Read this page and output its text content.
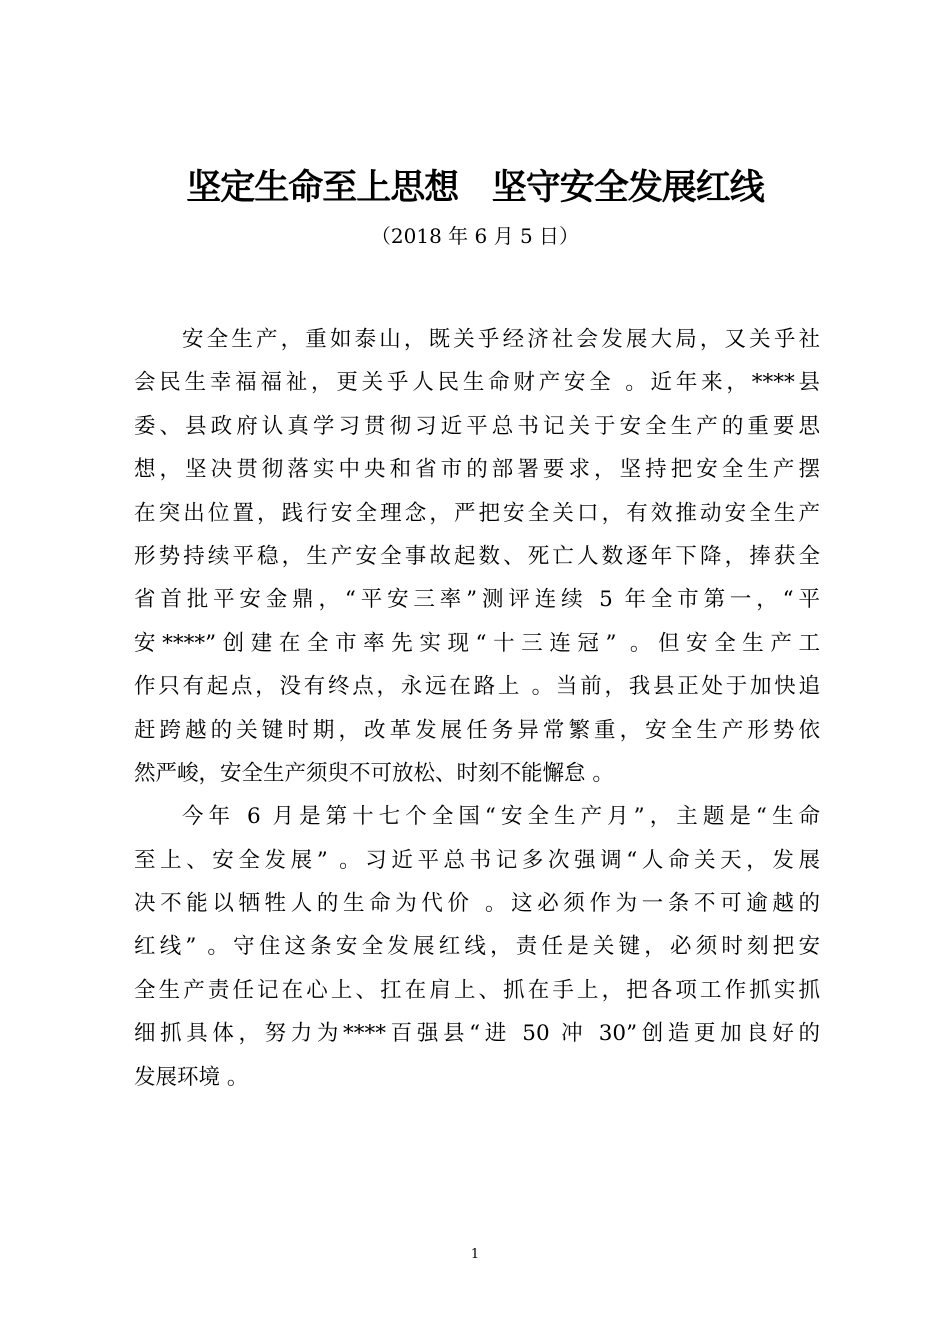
坚定生命至上思想   坚守安全发展红线
（2018 年 6 月 5 日）

安全生产，重如泰山，既关乎经济社会发展大局，又关乎社
会民生幸福福祉，更关乎人民生命财产安全 。近年来，****县
委、县政府认真学习贯彻习近平总书记关于安全生产的重要思
想，坚决贯彻落实中央和省市的部署要求，坚持把安全生产摆
在突出位置，践行安全理念，严把安全关口，有效推动安全生产
形势持续平稳，生产安全事故起数、死亡人数逐年下降，捧获全
省首批平安金鼎，“平安三率”测评连续 5 年全市第一，“平
安****”创建在全市率先实现“十三连冠” 。但安全生产工
作只有起点，没有终点，永远在路上 。当前，我县正处于加快追
赶跨越的关键时期，改革发展任务异常繁重，安全生产形势依
然严峻，安全生产须臾不可放松、时刻不能懈怠 。

今年 6 月是第十七个全国“安全生产月”，主题是“生命
至上、安全发展” 。习近平总书记多次强调“人命关天，发展
决不能以牺牲人的生命为代价 。这必须作为一条不可逾越的
红线” 。守住这条安全发展红线，责任是关键，必须时刻把安
全生产责任记在心上、扛在肩上、抓在手上，把各项工作抓实抓
细抓具体，努力为****百强县“进 50 冲 30”创造更加良好的
发展环境 。

1
